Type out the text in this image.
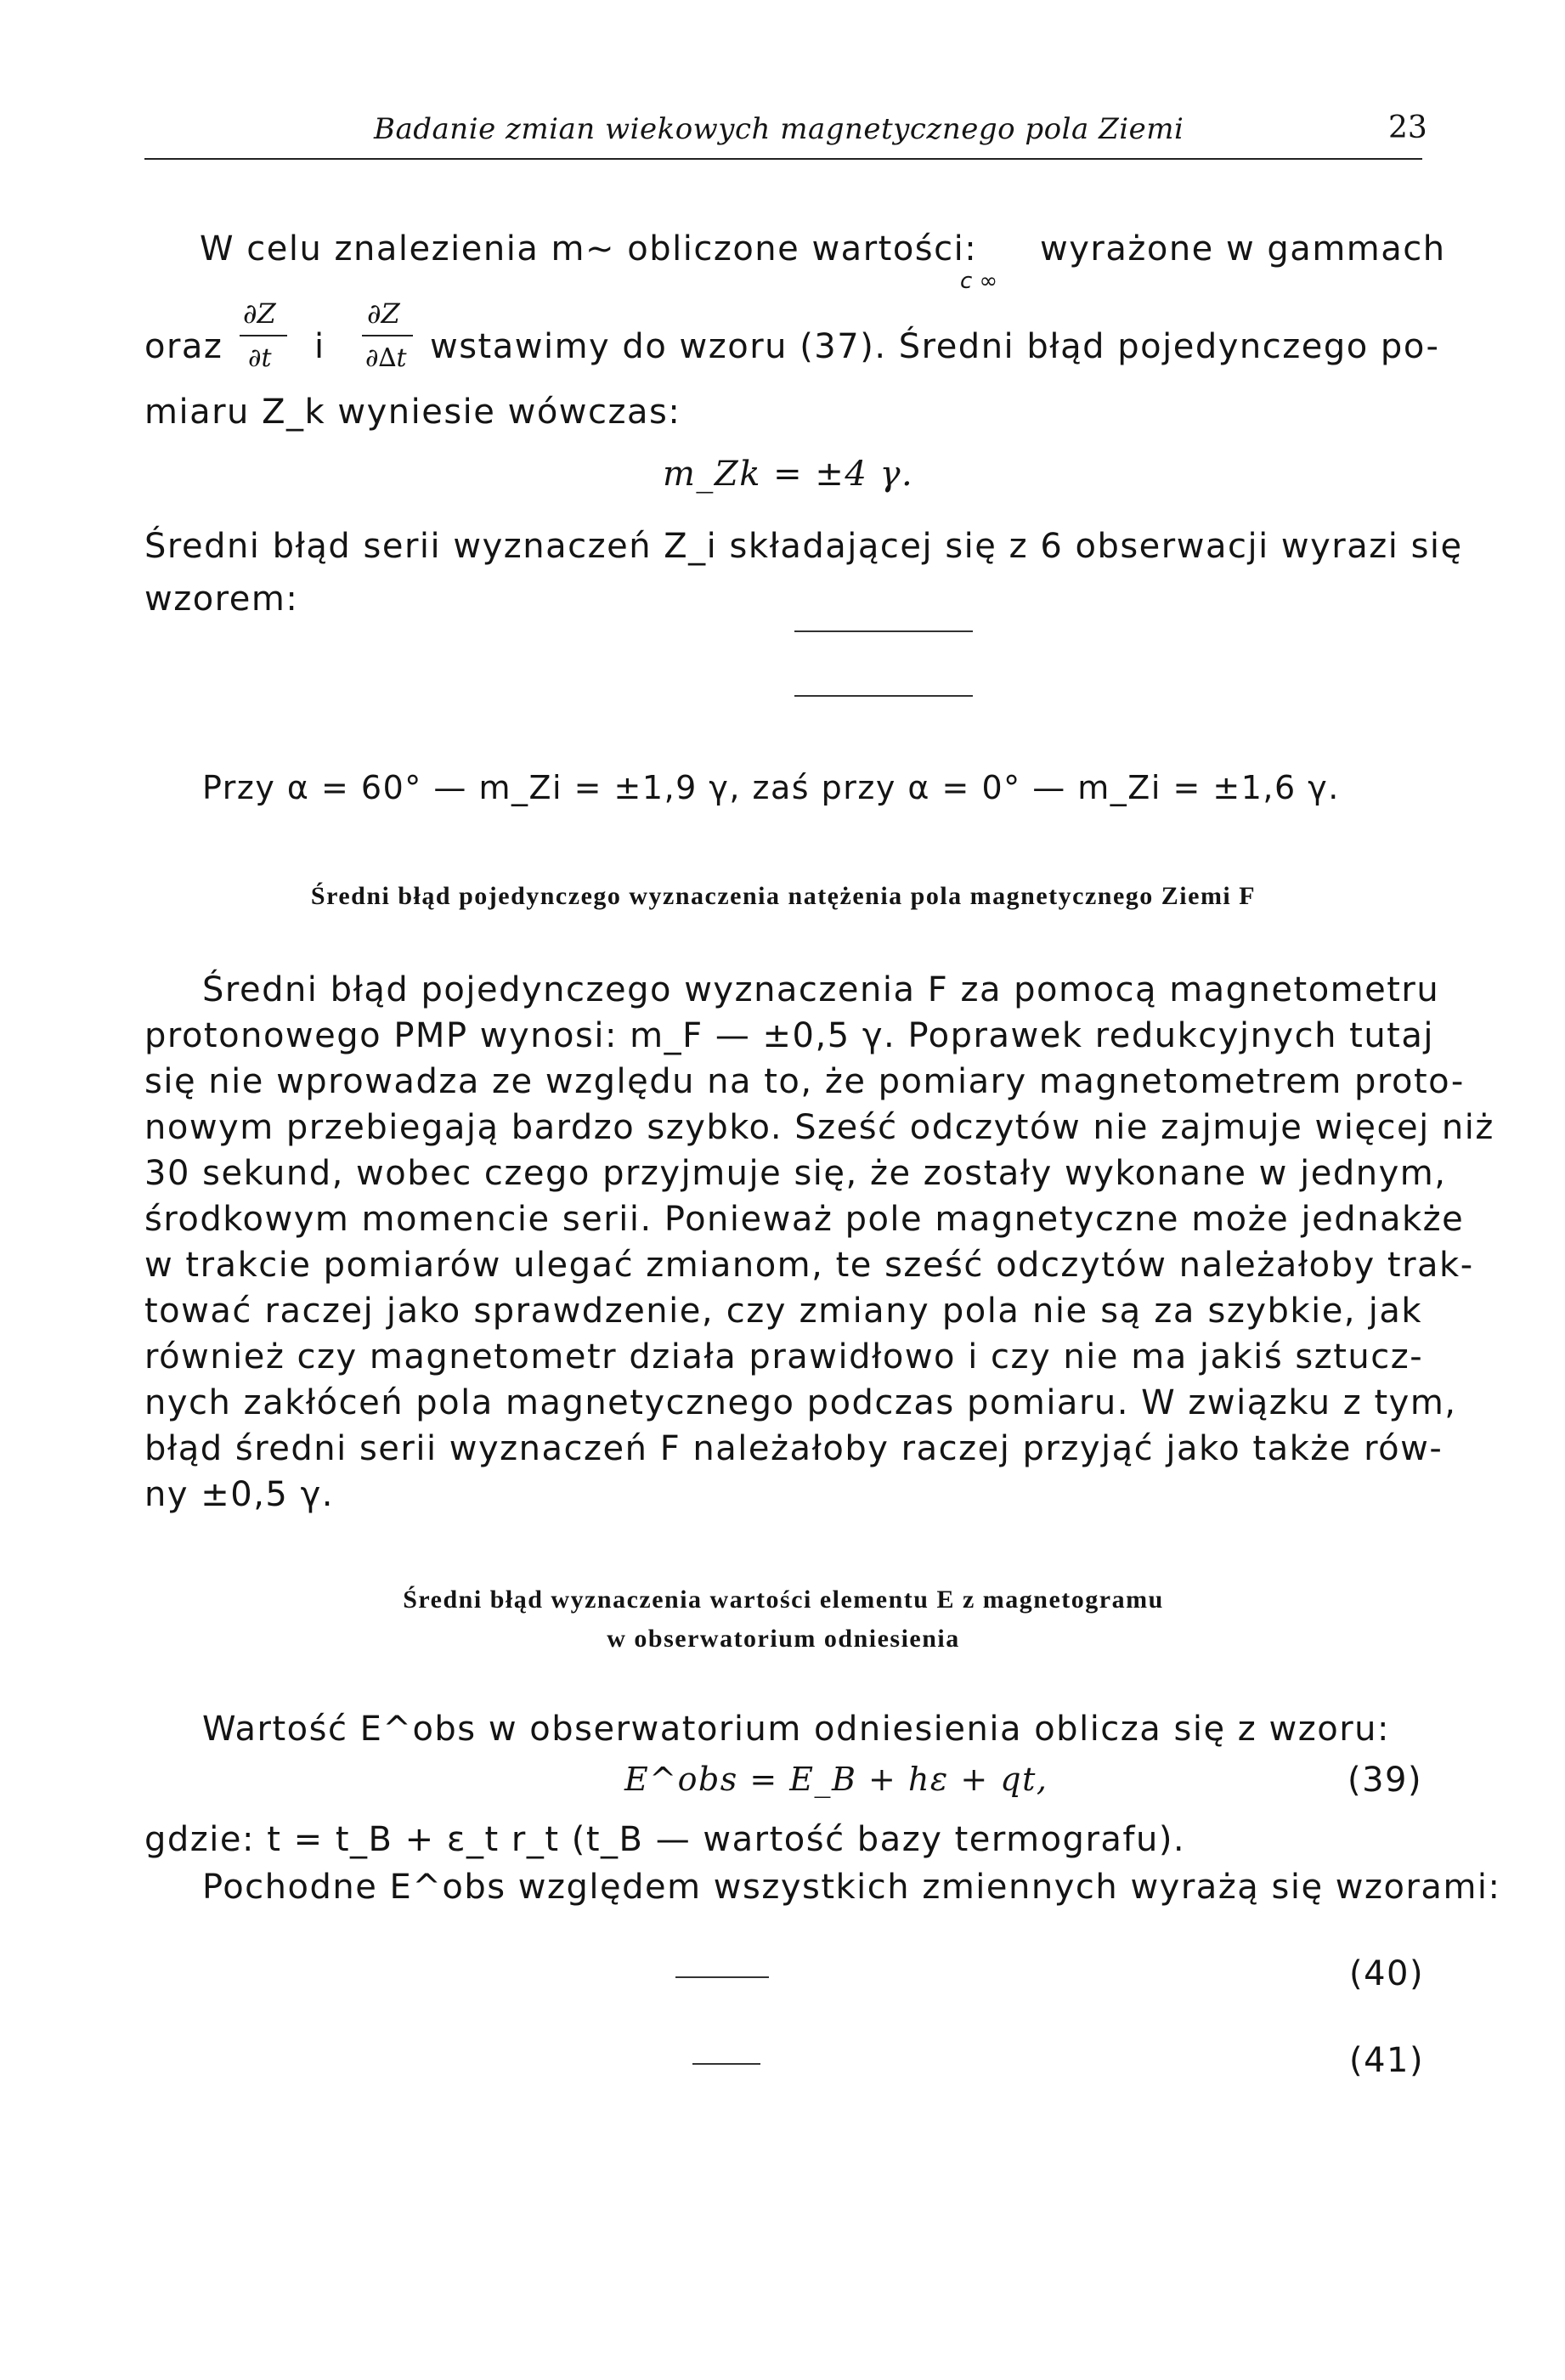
Badanie zmian wiekowych magnetycznego pola Ziemi	23
W celu znalezienia m~ obliczone wartości: wyrażone w gammach
c ∞
oraz
∂Z
∂t i
∂Z
∂∆t wstawimy do wzoru (37). Średni błąd pojedynczego po-
miaru Z_k wyniesie wówczas:
m_Zk = ±4 γ.
Średni błąd serii wyznaczeń Z_i składającej się z 6 obserwacji wyrazi się
wzorem:
Przy α = 60° — m_Zi = ±1,9 γ, zaś przy α = 0° — m_Zi = ±1,6 γ.
Średni błąd pojedynczego wyznaczenia natężenia pola magnetycznego Ziemi F
Średni błąd pojedynczego wyznaczenia F za pomocą magnetometru
protonowego PMP wynosi: m_F — ±0,5 γ. Poprawek redukcyjnych tutaj
się nie wprowadza ze względu na to, że pomiary magnetometrem proto-
nowym przebiegają bardzo szybko. Sześć odczytów nie zajmuje więcej niż
30 sekund, wobec czego przyjmuje się, że zostały wykonane w jednym,
środkowym momencie serii. Ponieważ pole magnetyczne może jednakże
w trakcie pomiarów ulegać zmianom, te sześć odczytów należałoby trak-
tować raczej jako sprawdzenie, czy zmiany pola nie są za szybkie, jak
również czy magnetometr działa prawidłowo i czy nie ma jakiś sztucz-
nych zakłóceń pola magnetycznego podczas pomiaru. W związku z tym,
błąd średni serii wyznaczeń F należałoby raczej przyjąć jako także rów-
ny ±0,5 γ.
Średni błąd wyznaczenia wartości elementu E z magnetogramu
w obserwatorium odniesienia
Wartość E^obs w obserwatorium odniesienia oblicza się z wzoru:
E^obs = E_B + hε + qt,	(39)
gdzie: t = t_B + ε_t r_t (t_B — wartość bazy termografu).
Pochodne E^obs względem wszystkich zmiennych wyrażą się wzorami:
(40)
(41)
